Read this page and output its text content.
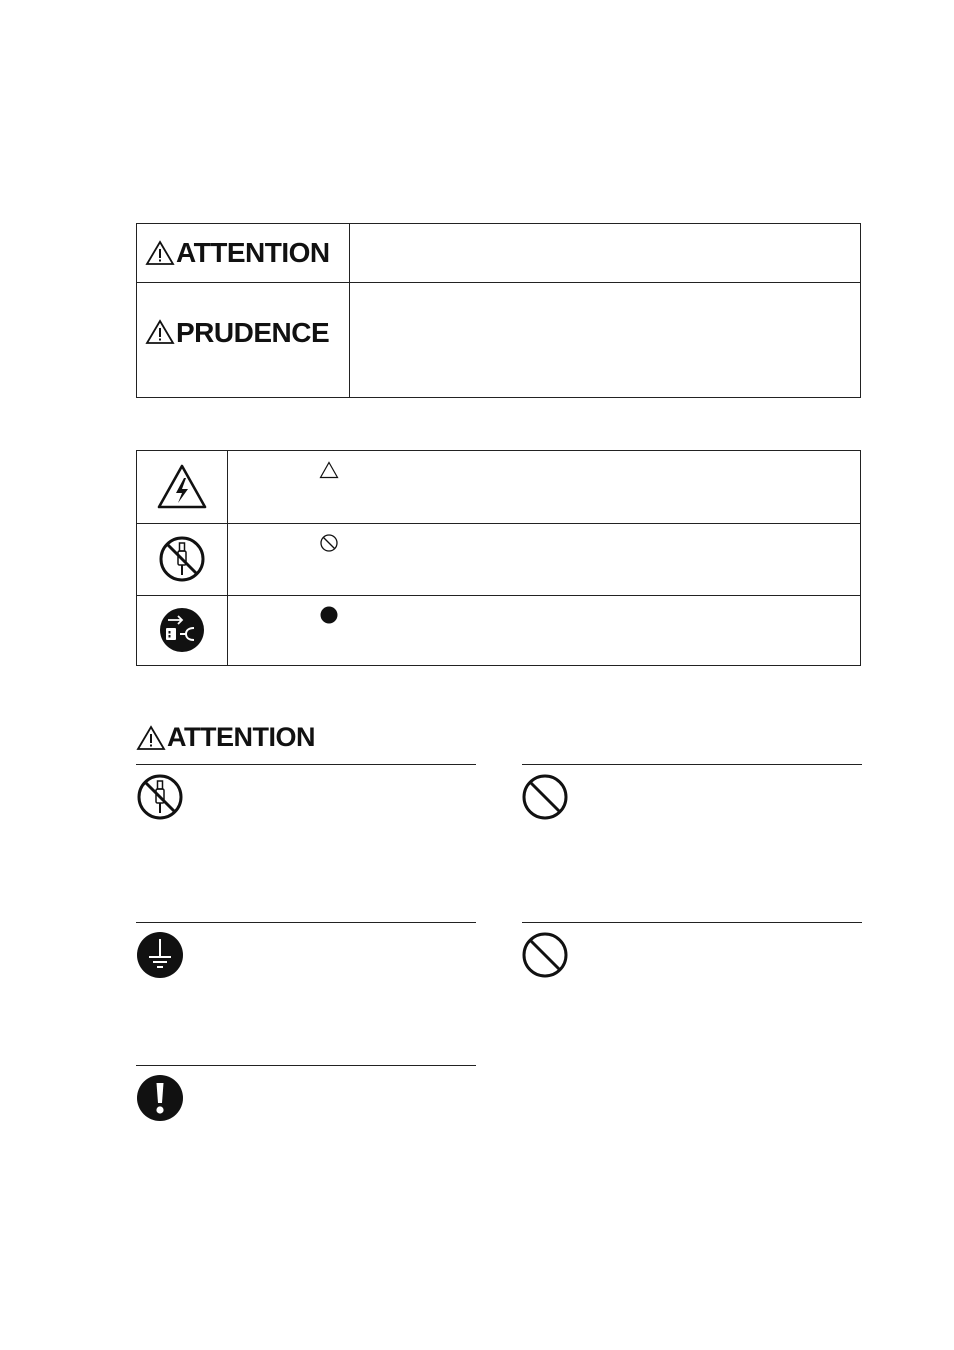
ATTENTION
PRUDENCE
ATTENTION
